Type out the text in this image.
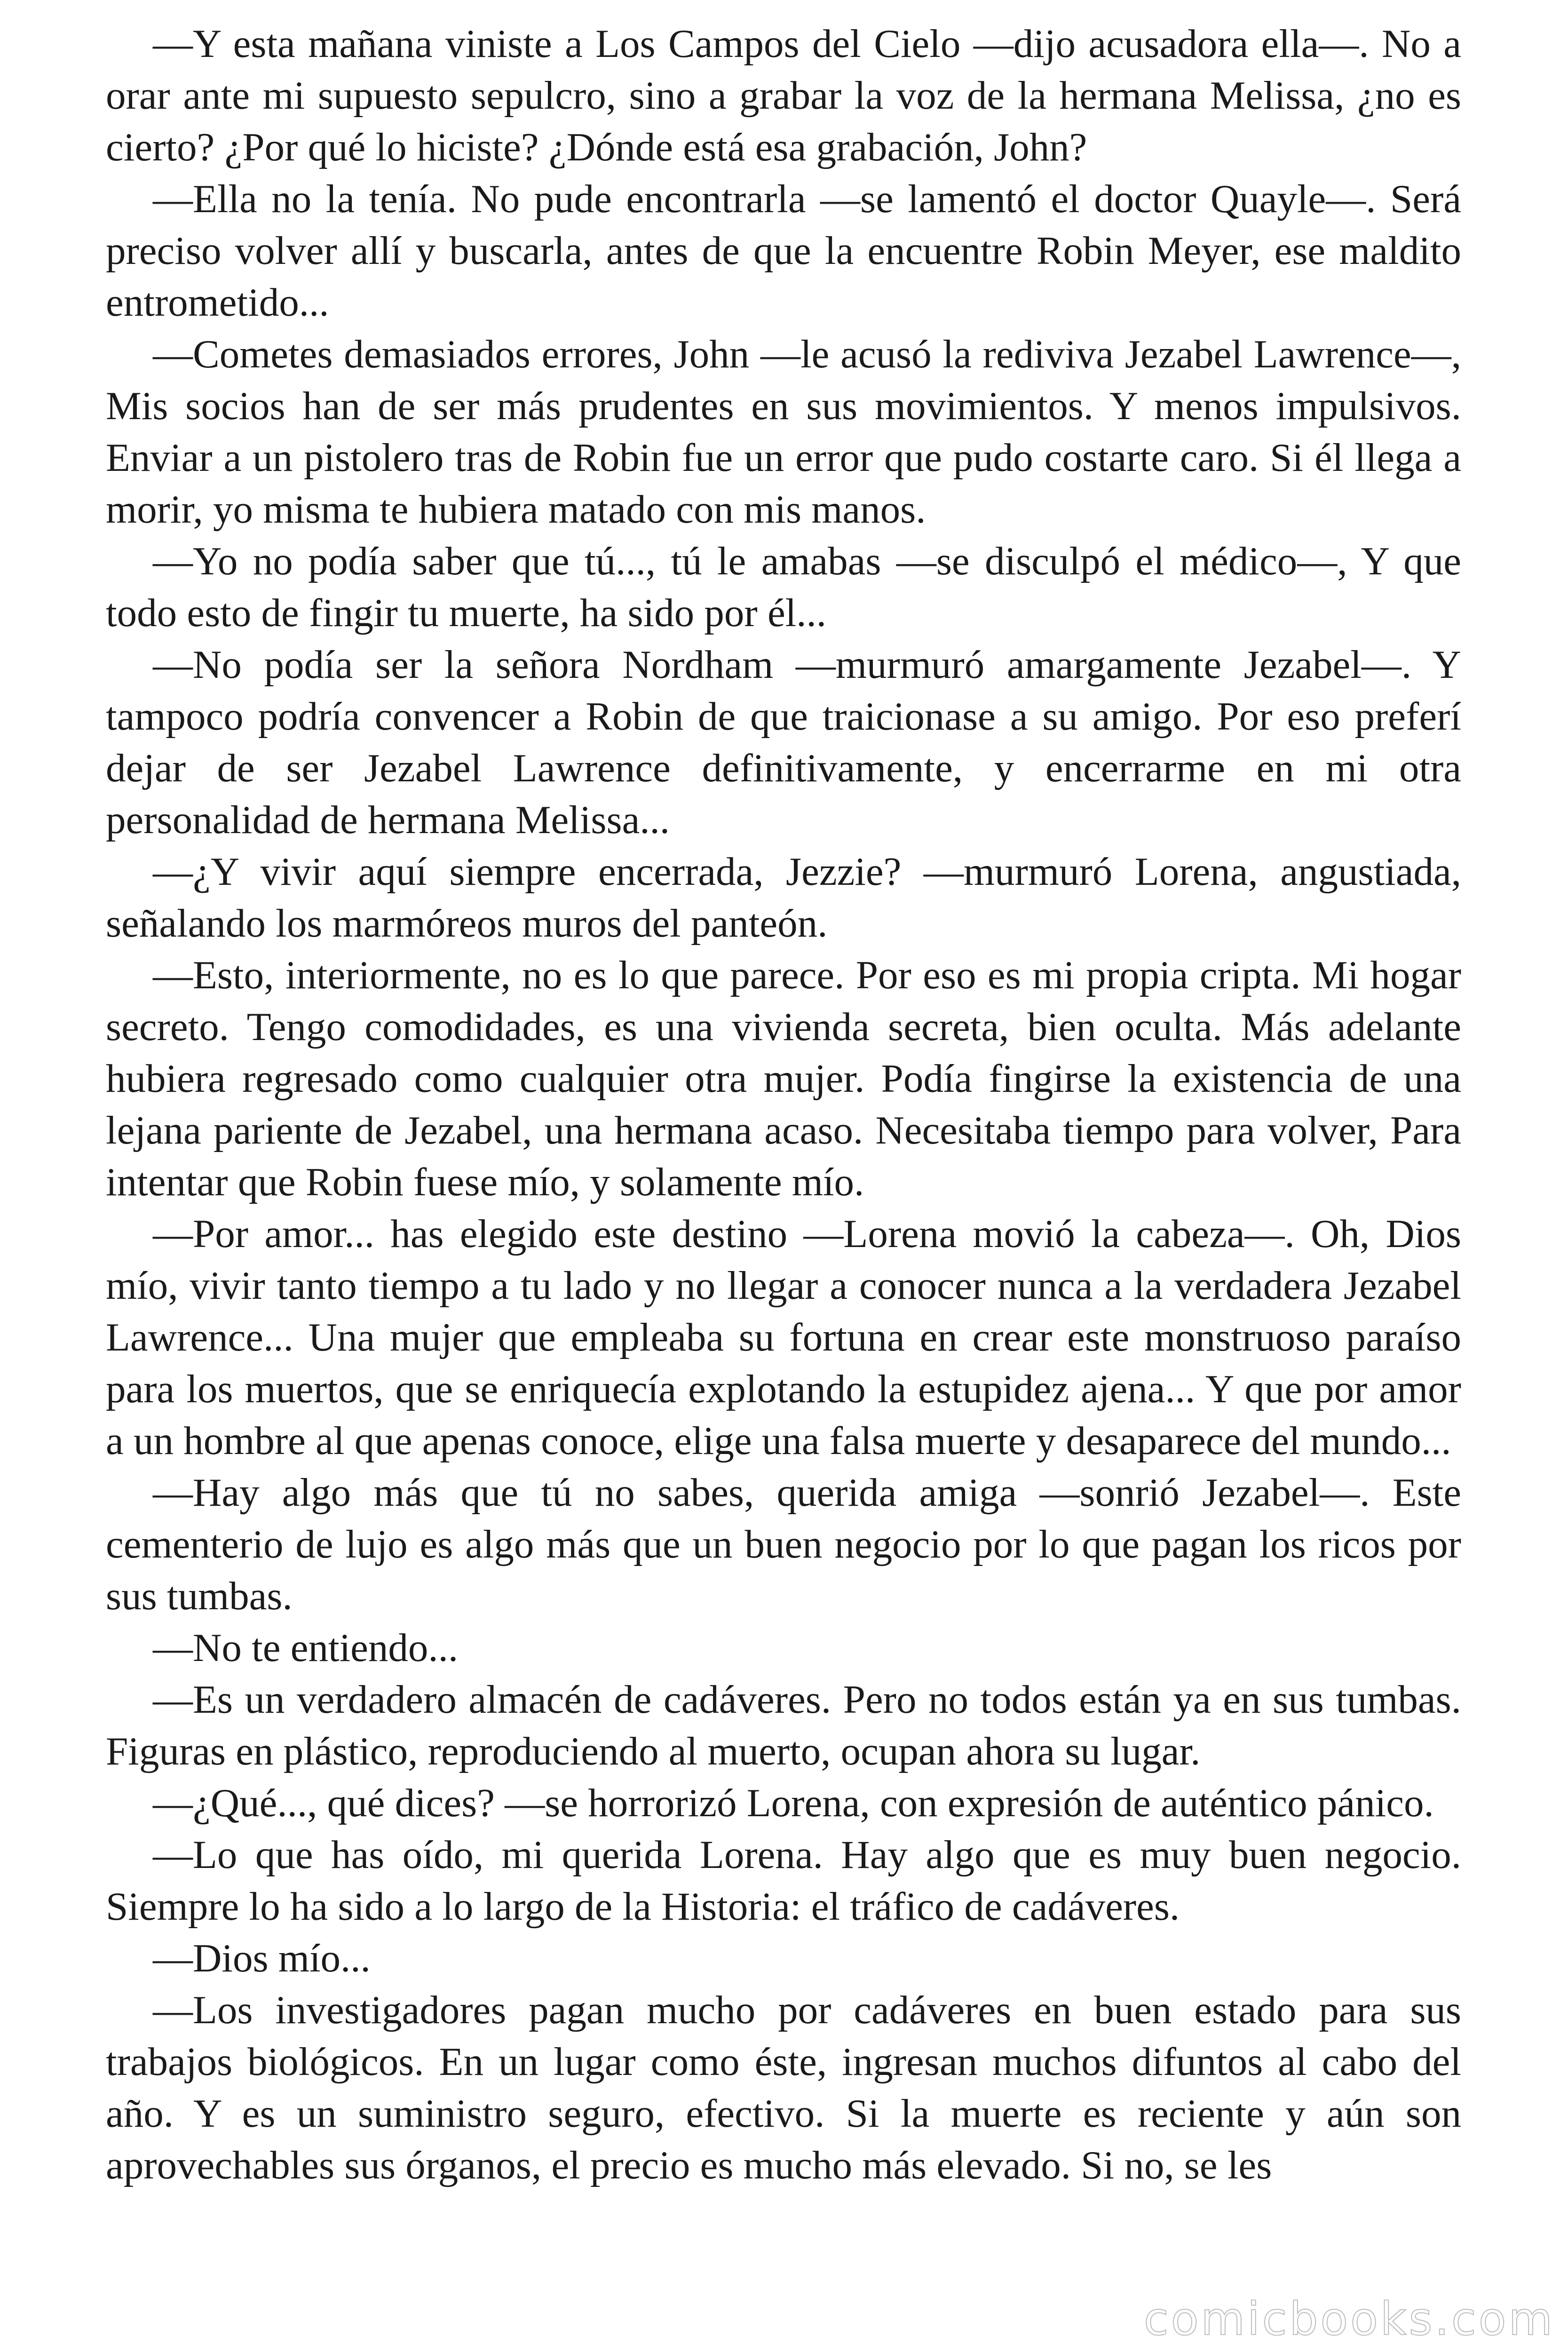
—Y esta mañana viniste a Los Campos del Cielo —dijo acusadora ella—. No a orar ante mi supuesto sepulcro, sino a grabar la voz de la hermana Melissa, ¿no es cierto? ¿Por qué lo hiciste? ¿Dónde está esa grabación, John?

—Ella no la tenía. No pude encontrarla —se lamentó el doctor Quayle—. Será preciso volver allí y buscarla, antes de que la encuentre Robin Meyer, ese maldito entrometido...

—Cometes demasiados errores, John —le acusó la rediviva Jezabel Lawrence—, Mis socios han de ser más prudentes en sus movimientos. Y menos impulsivos. Enviar a un pistolero tras de Robin fue un error que pudo costarte caro. Si él llega a morir, yo misma te hubiera matado con mis manos.

—Yo no podía saber que tú..., tú le amabas —se disculpó el médico—, Y que todo esto de fingir tu muerte, ha sido por él...

—No podía ser la señora Nordham —murmuró amargamente Jezabel—. Y tampoco podría convencer a Robin de que traicionase a su amigo. Por eso preferí dejar de ser Jezabel Lawrence definitivamente, y encerrarme en mi otra personalidad de hermana Melissa...

—¿Y vivir aquí siempre encerrada, Jezzie? —murmuró Lorena, angustiada, señalando los marmóreos muros del panteón.

—Esto, interiormente, no es lo que parece. Por eso es mi propia cripta. Mi hogar secreto. Tengo comodidades, es una vivienda secreta, bien oculta. Más adelante hubiera regresado como cualquier otra mujer. Podía fingirse la existencia de una lejana pariente de Jezabel, una hermana acaso. Necesitaba tiempo para volver, Para intentar que Robin fuese mío, y solamente mío.

—Por amor... has elegido este destino —Lorena movió la cabeza—. Oh, Dios mío, vivir tanto tiempo a tu lado y no llegar a conocer nunca a la verdadera Jezabel Lawrence... Una mujer que empleaba su fortuna en crear este monstruoso paraíso para los muertos, que se enriquecía explotando la estupidez ajena... Y que por amor a un hombre al que apenas conoce, elige una falsa muerte y desaparece del mundo...

—Hay algo más que tú no sabes, querida amiga —sonrió Jezabel—. Este cementerio de lujo es algo más que un buen negocio por lo que pagan los ricos por sus tumbas.

—No te entiendo...

—Es un verdadero almacén de cadáveres. Pero no todos están ya en sus tumbas. Figuras en plástico, reproduciendo al muerto, ocupan ahora su lugar.

—¿Qué..., qué dices? —se horrorizó Lorena, con expresión de auténtico pánico.

—Lo que has oído, mi querida Lorena. Hay algo que es muy buen negocio. Siempre lo ha sido a lo largo de la Historia: el tráfico de cadáveres.

—Dios mío...

—Los investigadores pagan mucho por cadáveres en buen estado para sus trabajos biológicos. En un lugar como éste, ingresan muchos difuntos al cabo del año. Y es un suministro seguro, efectivo. Si la muerte es reciente y aún son aprovechables sus órganos, el precio es mucho más elevado. Si no, se les

comicbooks.com
